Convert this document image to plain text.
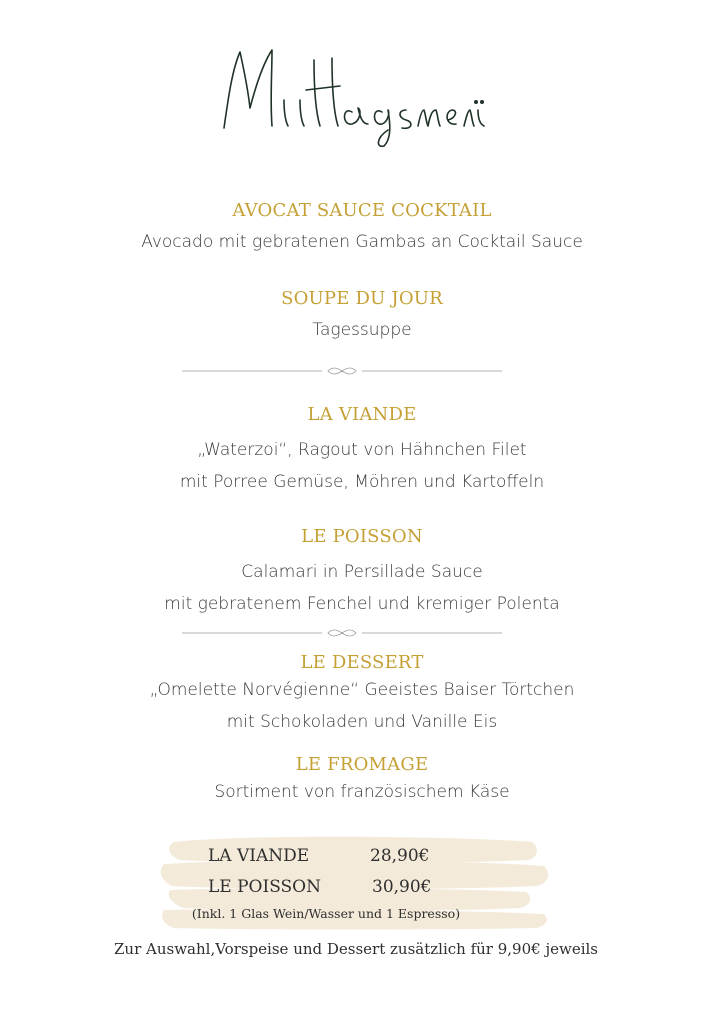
AVOCAT SAUCE COCKTAIL
Avocado mit gebratenen Gambas an Cocktail Sauce
SOUPE DU JOUR
Tagessuppe
LA VIANDE
„Waterzoi“, Ragout von Hähnchen Filet
mit Porree Gemüse, Möhren und Kartoffeln
LE POISSON
Calamari in Persillade Sauce
mit gebratenem Fenchel und kremiger Polenta
LE DESSERT
„Omelette Norvégienne“ Geeistes Baiser Törtchen
mit Schokoladen und Vanille Eis
LE FROMAGE
Sortiment von französischem Käse
LA VIANDE	28,90€
LE POISSON	30,90€
(Inkl. 1 Glas Wein/Wasser und 1 Espresso)
Zur Auswahl,Vorspeise und Dessert zusätzlich für 9,90€ jeweils
